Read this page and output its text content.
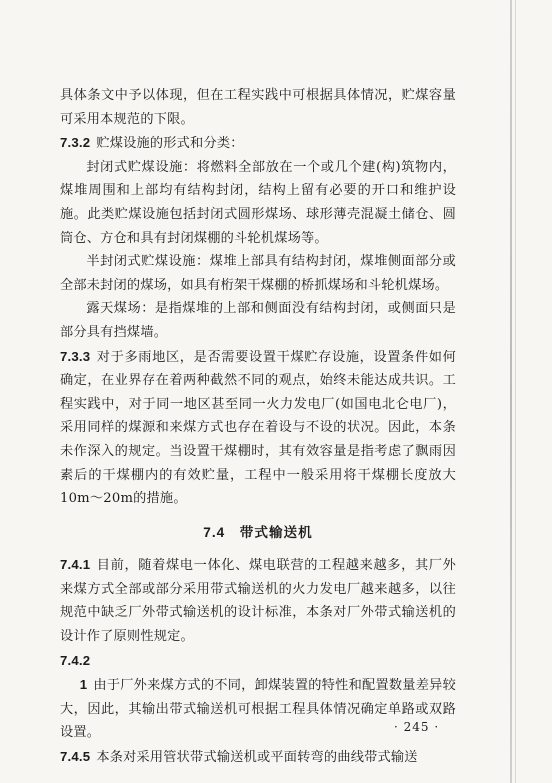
具体条文中予以体现，但在工程实践中可根据具体情况，贮煤容量可采用本规范的下限。

7.3.2 贮煤设施的形式和分类：

封闭式贮煤设施：将燃料全部放在一个或几个建(构)筑物内，煤堆周围和上部均有结构封闭，结构上留有必要的开口和维护设施。此类贮煤设施包括封闭式圆形煤场、球形薄壳混凝土储仓、圆筒仓、方仓和具有封闭煤棚的斗轮机煤场等。

半封闭式贮煤设施：煤堆上部具有结构封闭，煤堆侧面部分或全部未封闭的煤场，如具有桁架干煤棚的桥抓煤场和斗轮机煤场。

露天煤场：是指煤堆的上部和侧面没有结构封闭，或侧面只是部分具有挡煤墙。

7.3.3 对于多雨地区，是否需要设置干煤贮存设施，设置条件如何确定，在业界存在着两种截然不同的观点，始终未能达成共识。工程实践中，对于同一地区甚至同一火力发电厂(如国电北仑电厂)，采用同样的煤源和来煤方式也存在着设与不设的状况。因此，本条未作深入的规定。当设置干煤棚时，其有效容量是指考虑了飘雨因素后的干煤棚内的有效贮量，工程中一般采用将干煤棚长度放大10m～20m的措施。

7.4　带式输送机

7.4.1 目前，随着煤电一体化、煤电联营的工程越来越多，其厂外来煤方式全部或部分采用带式输送机的火力发电厂越来越多，以往规范中缺乏厂外带式输送机的设计标准，本条对厂外带式输送机的设计作了原则性规定。

7.4.2

1 由于厂外来煤方式的不同，卸煤装置的特性和配置数量差异较大，因此，其输出带式输送机可根据工程具体情况确定单路或双路设置。

7.4.5 本条对采用管状带式输送机或平面转弯的曲线带式输送

· 245 ·
